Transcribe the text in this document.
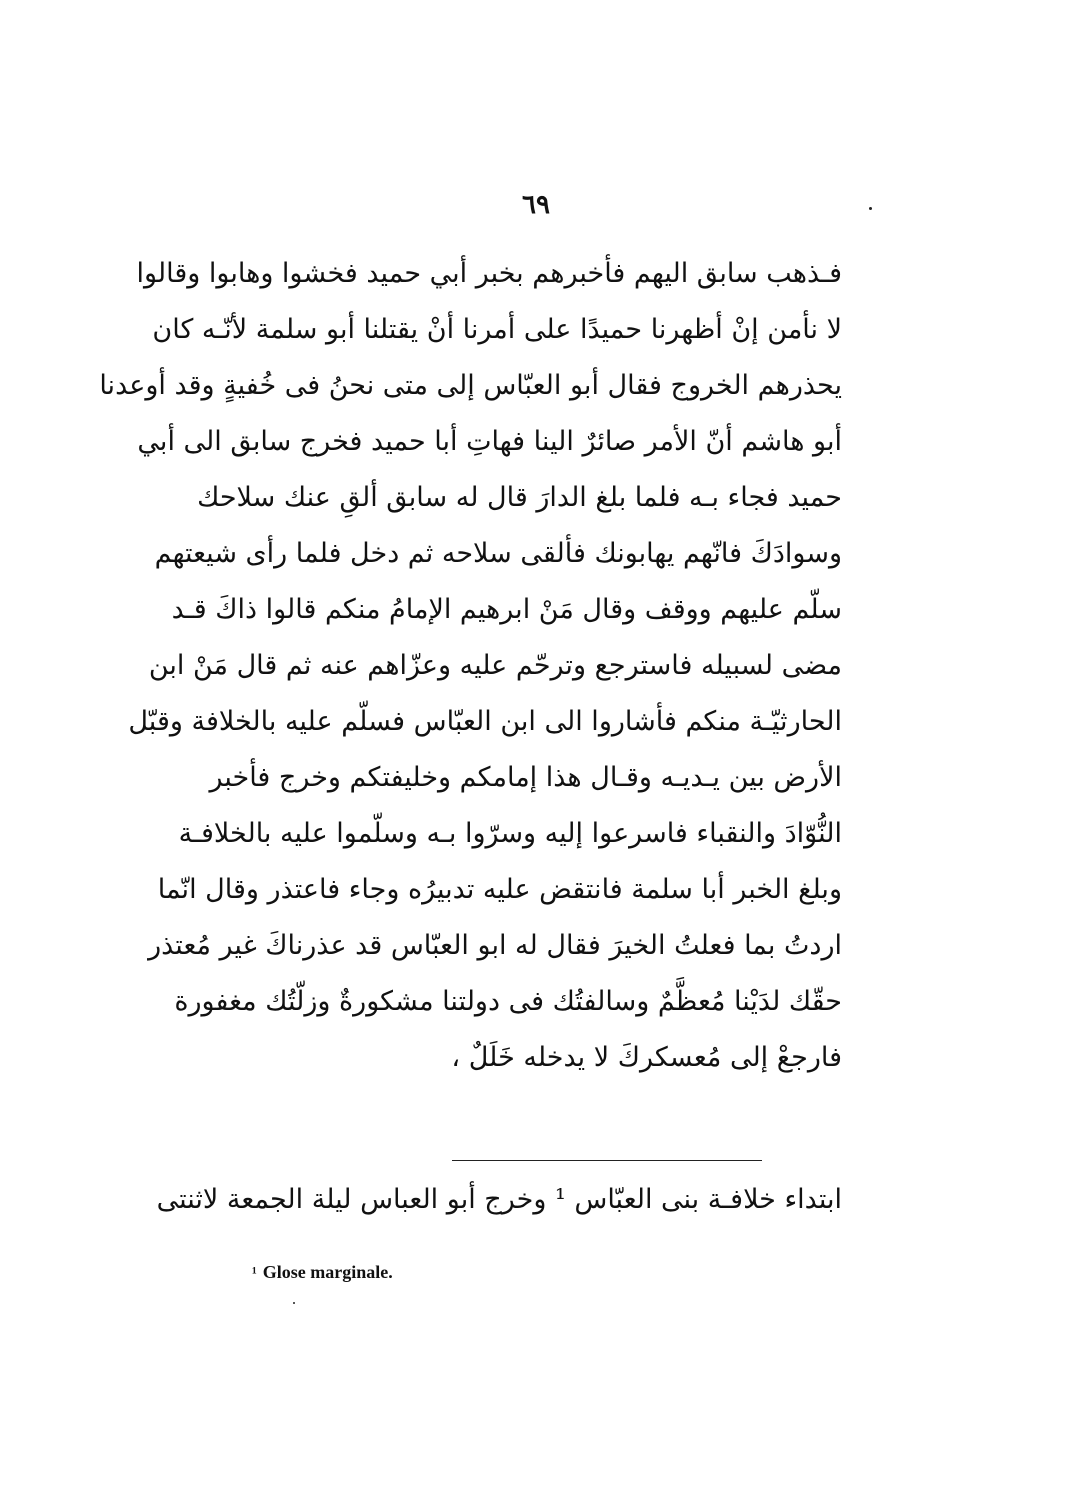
٦٩
فـذهب سابق اليهم فأخبرهم بخبر أبي حميد فخشوا وهابوا وقالوا
لا نأمن إنْ أظهرنا حميدًا على أمرنا أنْ يقتلنا أبو سلمة لأنّـه كان
يحذرهم الخروج فقال أبو العبّاس إلى متى نحنُ فى خُفيةٍ وقد أوعدنا
أبو هاشم أنّ الأمر صائرٌ الينا فهاتِ أبا حميد فخرج سابق الى أبي
حميد فجاء بـه فلما بلغ الدارَ قال له سابق ألقِ عنك سلاحك
وسوادَكَ فانّهم يهابونك فألقى سلاحه ثم دخل فلما رأى شيعتهم
سلّم عليهم ووقف وقال مَنْ ابرهيم الإمامُ منكم قالوا ذاكَ قـد
مضى لسبيله فاسترجع وترحّم عليه وعزّاهم عنه ثم قال مَنْ ابن
الحارثيّـة منكم فأشاروا الى ابن العبّاس فسلّم عليه بالخلافة وقبّل
الأرض بين يـديـه وقـال هذا إمامكم وخليفتكم وخرج فأخبر
النُّوّادَ والنقباء فاسرعوا إليه وسرّوا بـه وسلّموا عليه بالخلافـة
وبلغ الخبر أبا سلمة فانتقض عليه تدبيرُه وجاء فاعتذر وقال انّما
اردتُ بما فعلتُ الخيرَ فقال له ابو العبّاس قد عذرناكَ غير مُعتذر
حقّك لدَيْنا مُعظَّمٌ وسالفتُك فى دولتنا مشكورةٌ وزلّتُك مغفورة
فارجعْ إلى مُعسكركَ لا يدخله خَلَلٌ ،
ابتداء خلافـة بنى العبّاس ¹ وخرج أبو العباس ليلة الجمعة لاثنتى
¹ Glose marginale.
